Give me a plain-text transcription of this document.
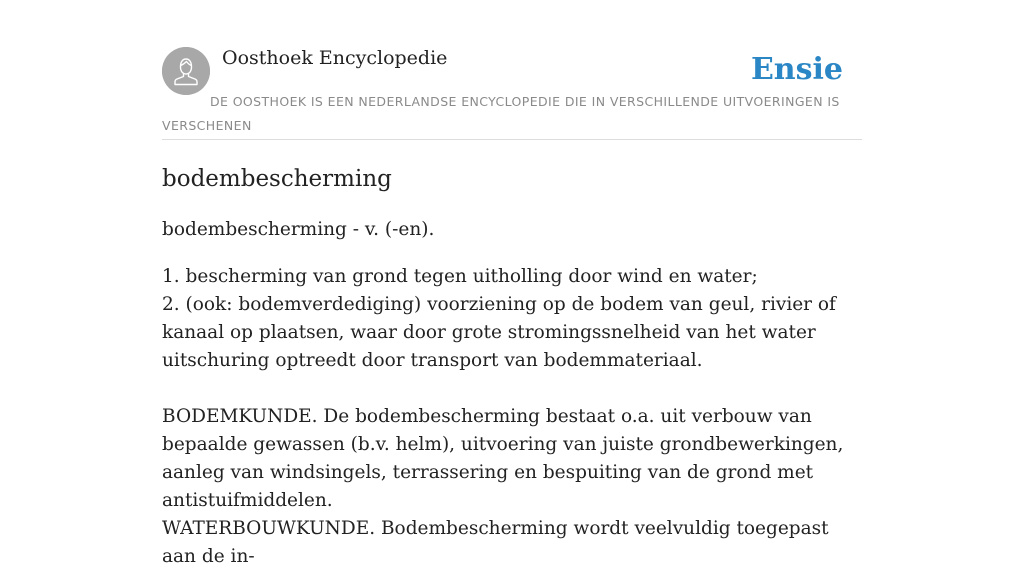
Oosthoek Encyclopedie	Ensie
DE OOSTHOEK IS EEN NEDERLANDSE ENCYCLOPEDIE DIE IN VERSCHILLENDE UITVOERINGEN IS VERSCHENEN
bodembescherming

bodembescherming - v. (-en).

1. bescherming van grond tegen uitholling door wind en water;

2. (ook: bodemverdediging) voorziening op de bodem van geul, rivier of kanaal op plaatsen, waar door grote stromingssnelheid van het water uitschuring optreedt door transport van bodemmateriaal.

BODEMKUNDE. De bodembescherming bestaat o.a. uit verbouw van bepaalde gewassen (b.v. helm), uitvoering van juiste grondbewerkingen, aanleg van windsingels, terrassering en bespuiting van de grond met antistuifmiddelen.

WATERBOUWKUNDE. Bodembescherming wordt veelvuldig toegepast aan de in-
